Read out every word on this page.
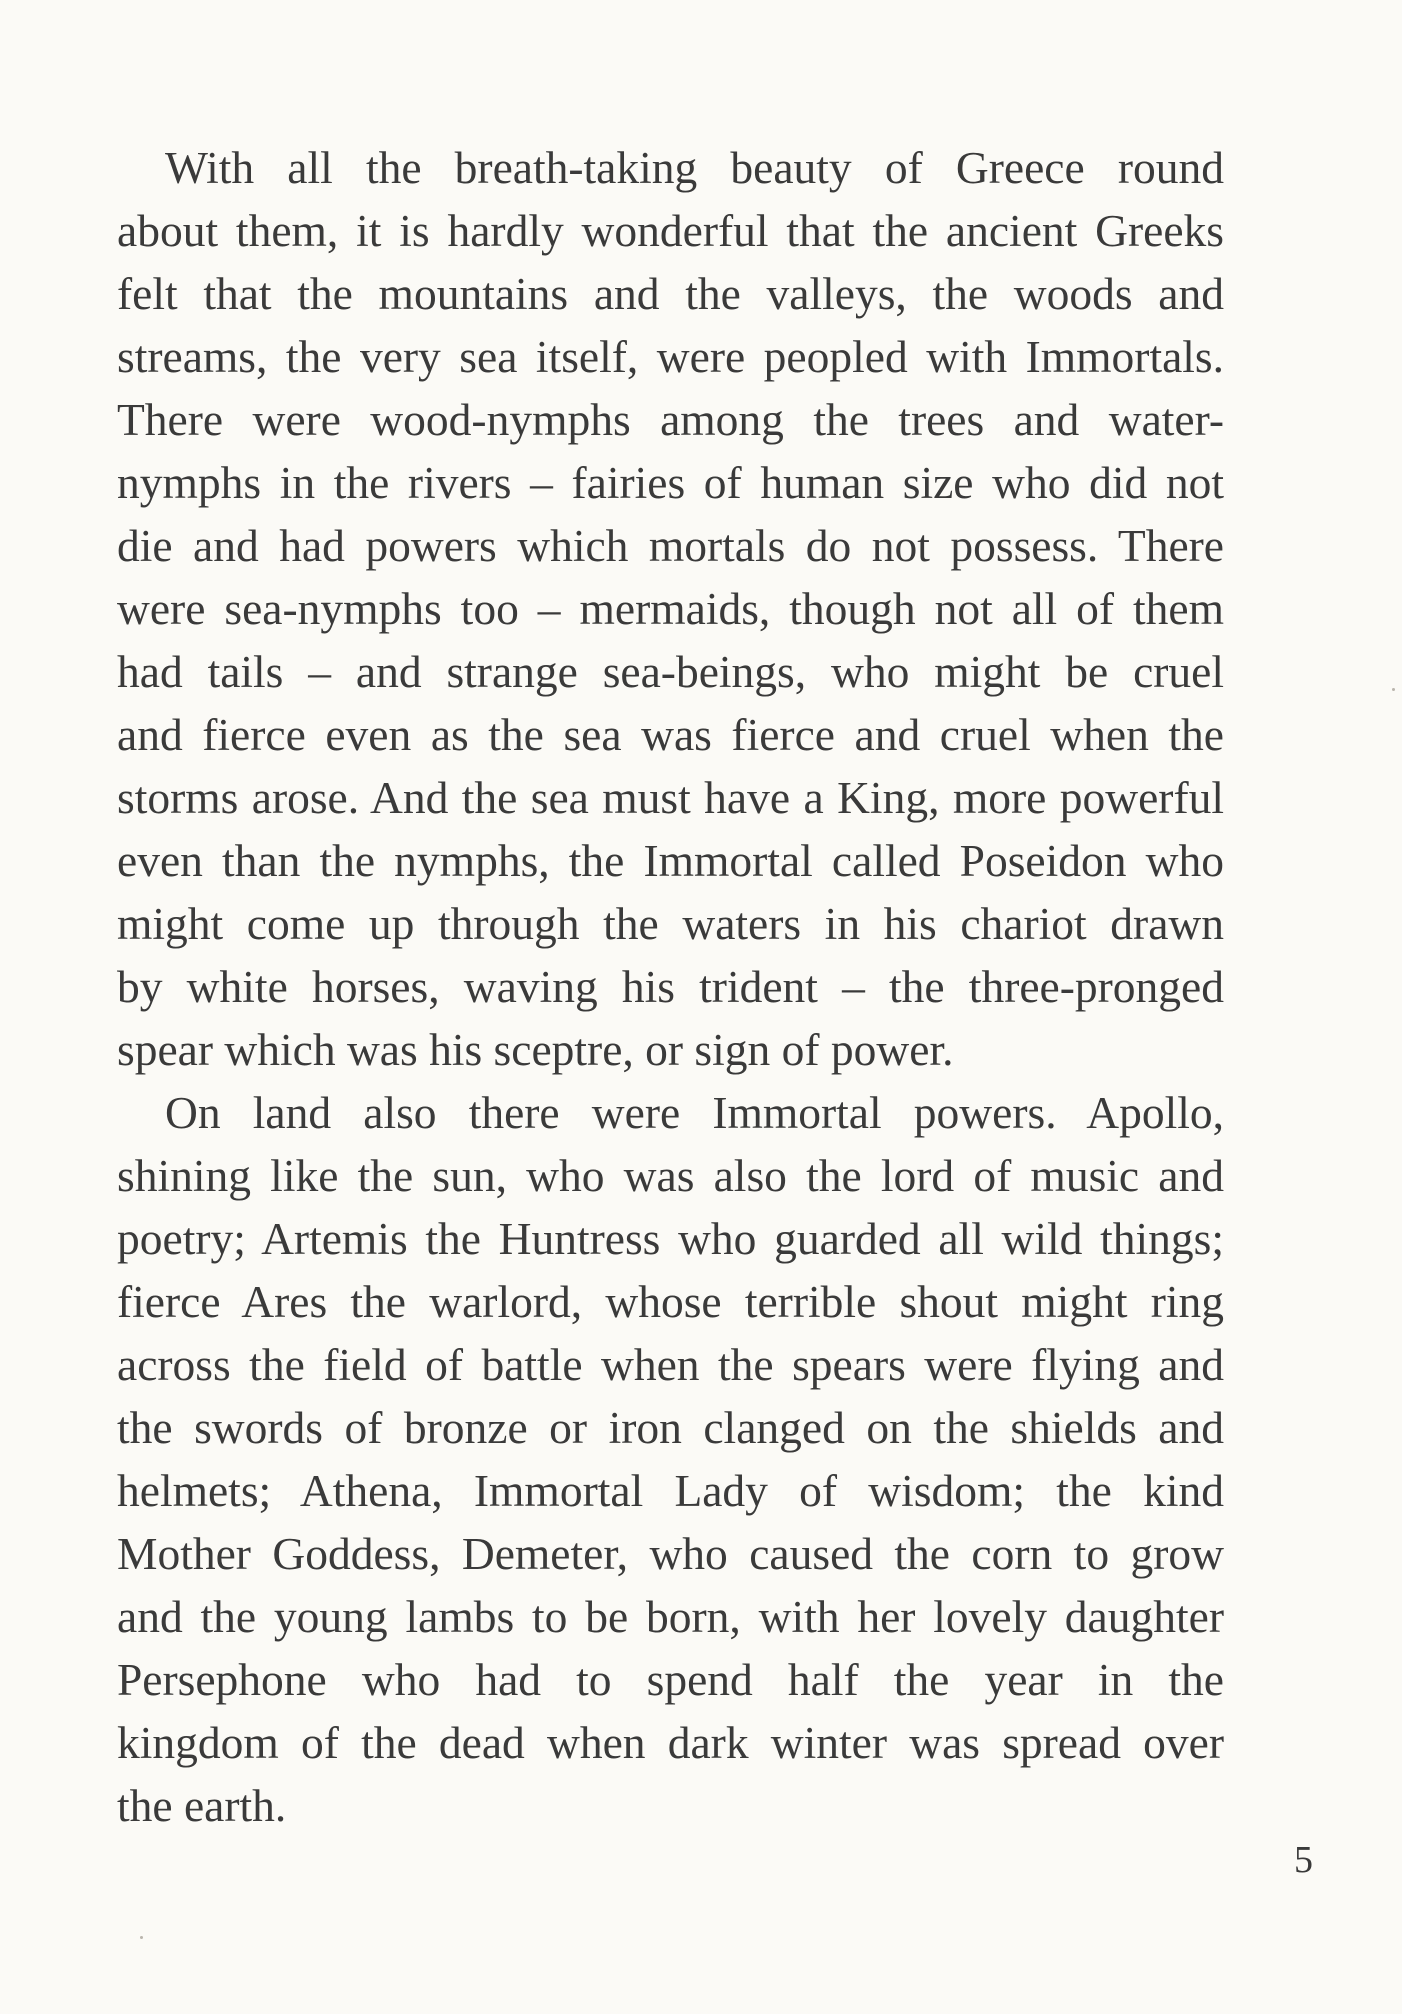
With all the breath-taking beauty of Greece round
about them, it is hardly wonderful that the ancient Greeks
felt that the mountains and the valleys, the woods and
streams, the very sea itself, were peopled with Immortals.
There were wood-nymphs among the trees and water-
nymphs in the rivers – fairies of human size who did not
die and had powers which mortals do not possess. There
were sea-nymphs too – mermaids, though not all of them
had tails – and strange sea-beings, who might be cruel
and fierce even as the sea was fierce and cruel when the
storms arose. And the sea must have a King, more powerful
even than the nymphs, the Immortal called Poseidon who
might come up through the waters in his chariot drawn
by white horses, waving his trident – the three-pronged
spear which was his sceptre, or sign of power.
On land also there were Immortal powers. Apollo,
shining like the sun, who was also the lord of music and
poetry; Artemis the Huntress who guarded all wild things;
fierce Ares the warlord, whose terrible shout might ring
across the field of battle when the spears were flying and
the swords of bronze or iron clanged on the shields and
helmets; Athena, Immortal Lady of wisdom; the kind
Mother Goddess, Demeter, who caused the corn to grow
and the young lambs to be born, with her lovely daughter
Persephone who had to spend half the year in the
kingdom of the dead when dark winter was spread over
the earth.
5
